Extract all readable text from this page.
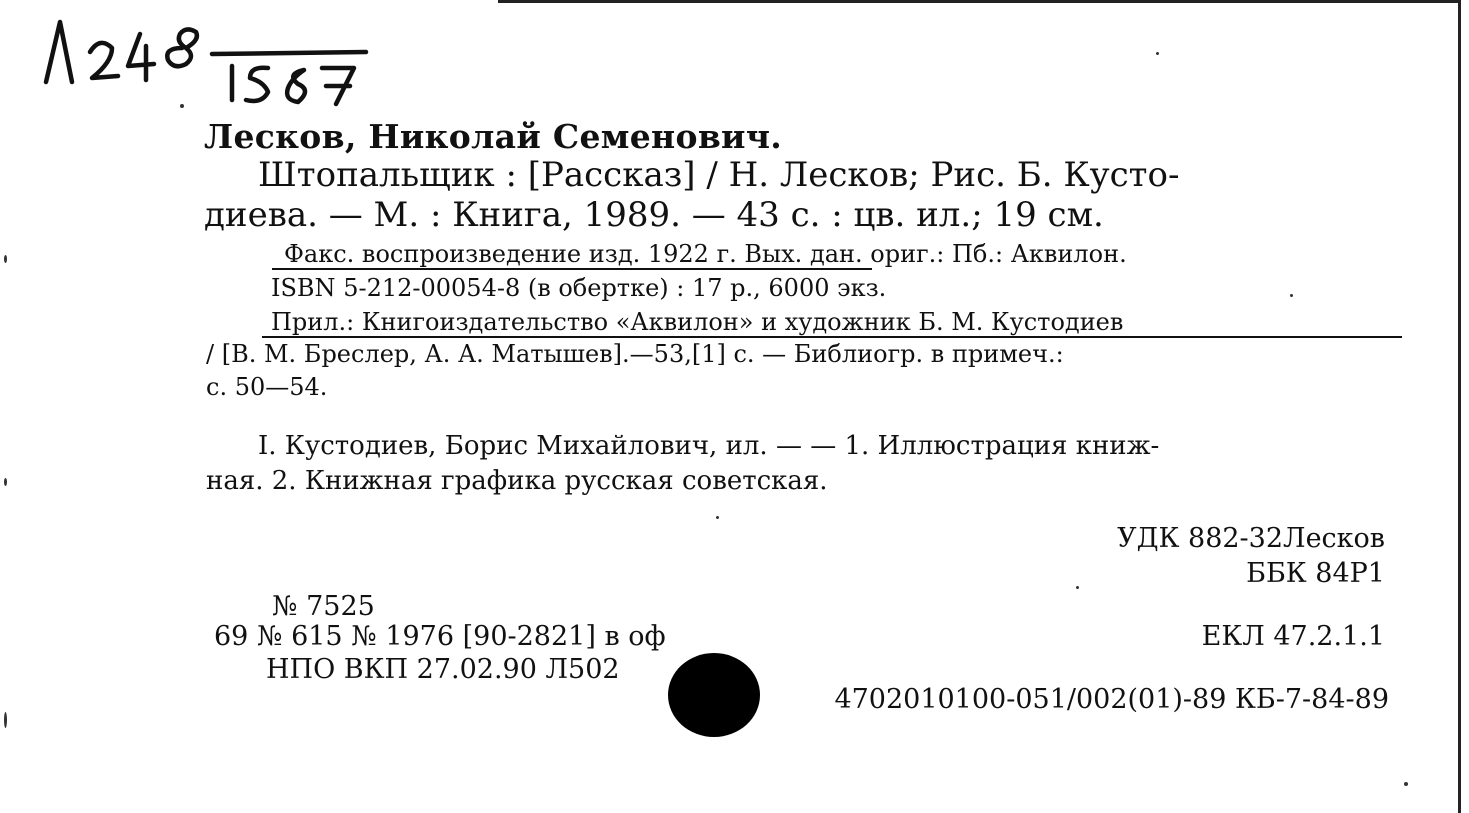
Лесков, Николай Семенович.
Штопальщик : [Рассказ] / Н. Лесков; Рис. Б. Кусто-
диева. — М. : Книга, 1989. — 43 с. : цв. ил.; 19 см.
Факс. воспроизведение изд. 1922 г. Вых. дан. ориг.: Пб.: Аквилон.
ISBN 5-212-00054-8 (в обертке) : 17 р., 6000 экз.
Прил.: Книгоиздательство «Аквилон» и художник Б. М. Кустодиев
/ [В. М. Бреслер, А. А. Матышев].—53,[1] с. — Библиогр. в примеч.:
с. 50—54.
I. Кустодиев, Борис Михайлович, ил. — — 1. Иллюстрация книж-
ная. 2. Книжная графика русская советская.
УДК 882-32Лесков
ББК 84Р1
№ 7525
69 № 615 № 1976 [90-2821] в оф
НПО ВКП 27.02.90 Л502
ЕКЛ 47.2.1.1
4702010100-051/002(01)-89 КБ-7-84-89
